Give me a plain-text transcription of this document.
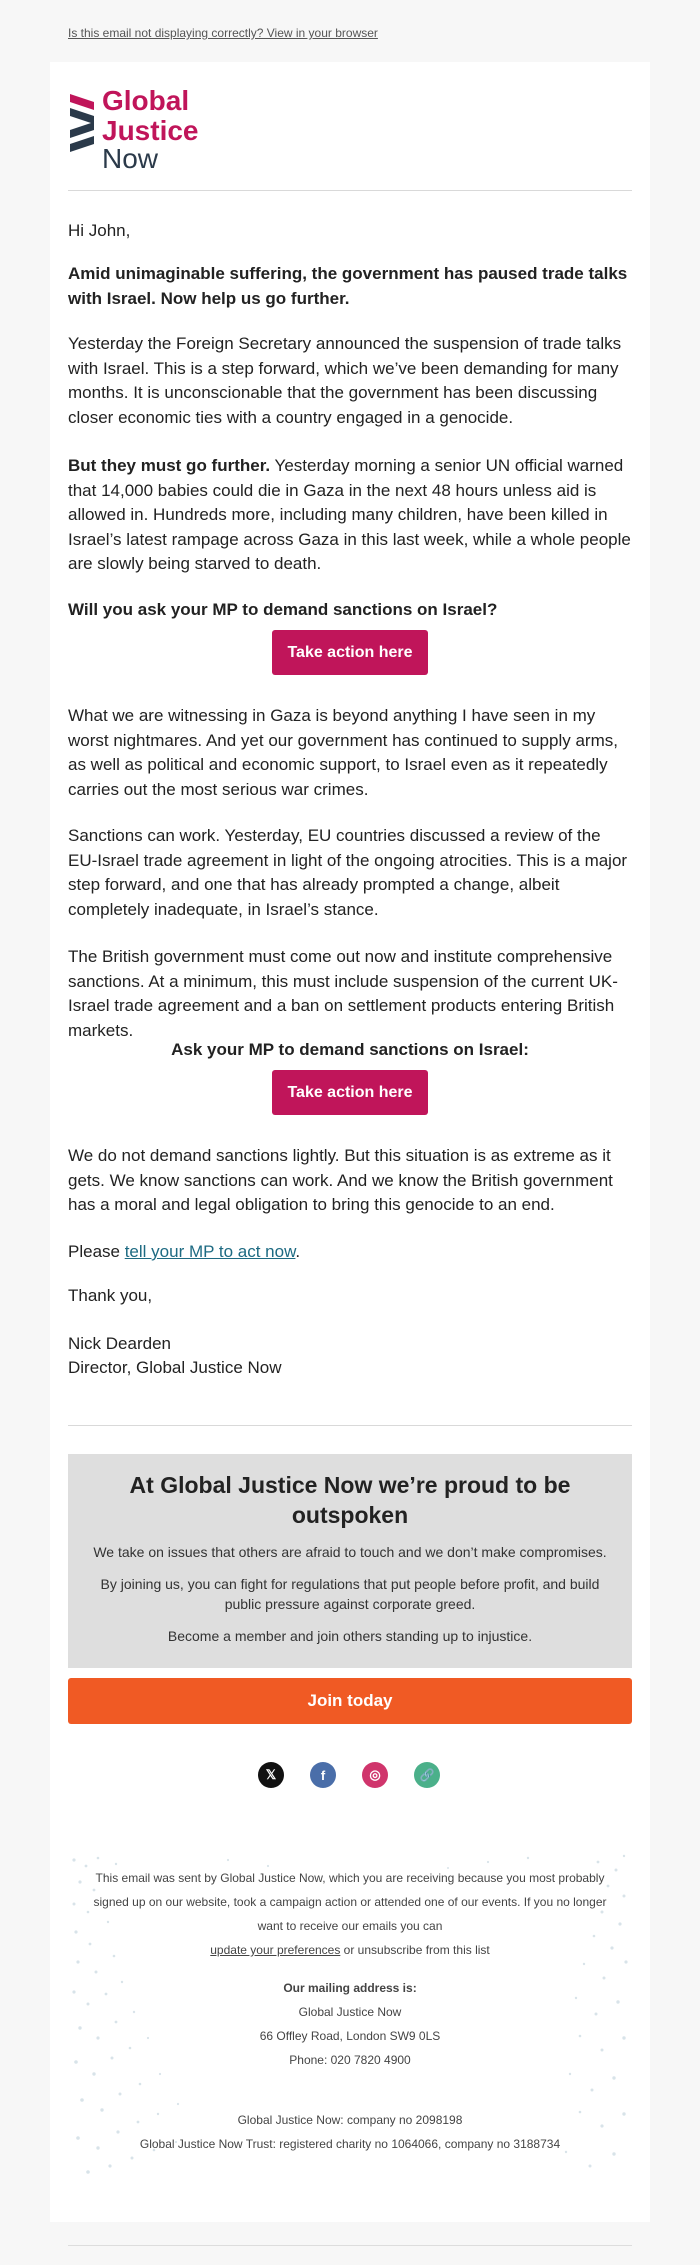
Is this email not displaying correctly? View in your browser
Global
Justice
Now
Hi John,
Amid unimaginable suffering, the government has paused trade talks with Israel. Now help us go further.
Yesterday the Foreign Secretary announced the suspension of trade talks with Israel. This is a step forward, which we’ve been demanding for many months. It is unconscionable that the government has been discussing closer economic ties with a country engaged in a genocide.
But they must go further. Yesterday morning a senior UN official warned that 14,000 babies could die in Gaza in the next 48 hours unless aid is allowed in. Hundreds more, including many children, have been killed in Israel’s latest rampage across Gaza in this last week, while a whole people are slowly being starved to death.
Will you ask your MP to demand sanctions on Israel?
Take action here
What we are witnessing in Gaza is beyond anything I have seen in my worst nightmares. And yet our government has continued to supply arms, as well as political and economic support, to Israel even as it repeatedly carries out the most serious war crimes.
Sanctions can work. Yesterday, EU countries discussed a review of the EU-Israel trade agreement in light of the ongoing atrocities. This is a major step forward, and one that has already prompted a change, albeit completely inadequate, in Israel’s stance.
The British government must come out now and institute comprehensive sanctions. At a minimum, this must include suspension of the current UK-Israel trade agreement and a ban on settlement products entering British markets.
Ask your MP to demand sanctions on Israel:
Take action here
We do not demand sanctions lightly. But this situation is as extreme as it gets. We know sanctions can work. And we know the British government has a moral and legal obligation to bring this genocide to an end.
Please tell your MP to act now.
Thank you,
Nick Dearden
Director, Global Justice Now
At Global Justice Now we’re proud to be outspoken
We take on issues that others are afraid to touch and we don’t make compromises.
By joining us, you can fight for regulations that put people before profit, and build public pressure against corporate greed.
Become a member and join others standing up to injustice.
Join today
𝕏	f	◎	🔗
This email was sent by Global Justice Now, which you are receiving because you most probably signed up on our website, took a campaign action or attended one of our events. If you no longer want to receive our emails you can
update your preferences or unsubscribe from this list
Our mailing address is:
Global Justice Now
66 Offley Road, London SW9 0LS
Phone: 020 7820 4900
Global Justice Now: company no 2098198
Global Justice Now Trust: registered charity no 1064066, company no 3188734
